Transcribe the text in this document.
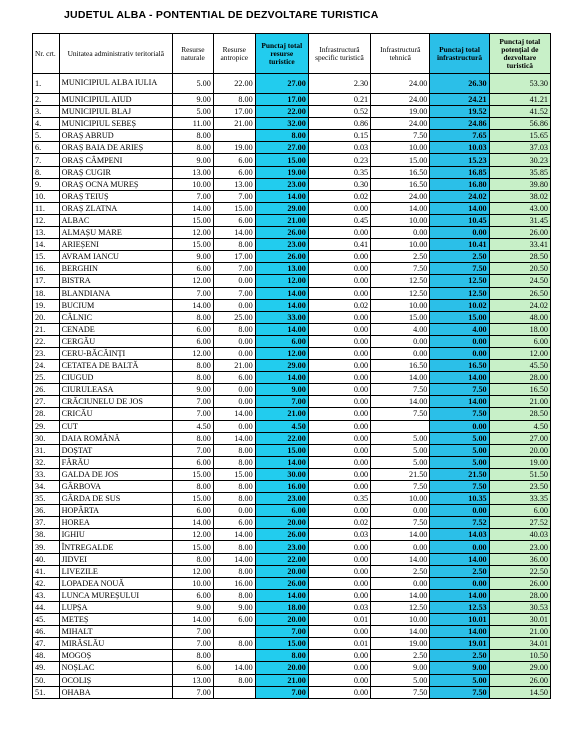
JUDETUL ALBA - PONTENTIAL DE DEZVOLTARE TURISTICA
Nr. crt.	Unitatea administrativ teritorială	Resurse naturale	Resurse antropice	Punctaj total resurse turistice	Infrastructură specific turistică	Infrastructură tehnică	Punctaj total infrastructură	Punctaj total potențial de dezvoltare turistică
1.	MUNICIPIUL ALBA IULIA	5.00	22.00	27.00	2.30	24.00	26.30	53.30
2.	MUNICIPIUL AIUD	9.00	8.00	17.00	0.21	24.00	24.21	41.21
3.	MUNICIPIUL BLAJ	5.00	17.00	22.00	0.52	19.00	19.52	41.52
4.	MUNICIPIUL SEBEȘ	11.00	21.00	32.00	0.86	24.00	24.86	56.86
5.	ORAȘ ABRUD	8.00		8.00	0.15	7.50	7.65	15.65
6.	ORAȘ BAIA DE ARIEȘ	8.00	19.00	27.00	0.03	10.00	10.03	37.03
7.	ORAȘ CÂMPENI	9.00	6.00	15.00	0.23	15.00	15.23	30.23
8.	ORAȘ CUGIR	13.00	6.00	19.00	0.35	16.50	16.85	35.85
9.	ORAȘ OCNA MUREȘ	10.00	13.00	23.00	0.30	16.50	16.80	39.80
10.	ORAȘ TEIUȘ	7.00	7.00	14.00	0.02	24.00	24.02	38.02
11.	ORAȘ ZLATNA	14.00	15.00	29.00	0.00	14.00	14.00	43.00
12.	ALBAC	15.00	6.00	21.00	0.45	10.00	10.45	31.45
13.	ALMAȘU MARE	12.00	14.00	26.00	0.00	0.00	0.00	26.00
14.	ARIEȘENI	15.00	8.00	23.00	0.41	10.00	10.41	33.41
15.	AVRAM IANCU	9.00	17.00	26.00	0.00	2.50	2.50	28.50
16.	BERGHIN	6.00	7.00	13.00	0.00	7.50	7.50	20.50
17.	BISTRA	12.00	0.00	12.00	0.00	12.50	12.50	24.50
18.	BLANDIANA	7.00	7.00	14.00	0.00	12.50	12.50	26.50
19.	BUCIUM	14.00	0.00	14.00	0.02	10.00	10.02	24.02
20.	CÂLNIC	8.00	25.00	33.00	0.00	15.00	15.00	48.00
21.	CENADE	6.00	8.00	14.00	0.00	4.00	4.00	18.00
22.	CERGĂU	6.00	0.00	6.00	0.00	0.00	0.00	6.00
23.	CERU-BĂCĂINȚI	12.00	0.00	12.00	0.00	0.00	0.00	12.00
24.	CETATEA DE BALTĂ	8.00	21.00	29.00	0.00	16.50	16.50	45.50
25.	CIUGUD	8.00	6.00	14.00	0.00	14.00	14.00	28.00
26.	CIURULEASA	9.00	0.00	9.00	0.00	7.50	7.50	16.50
27.	CRĂCIUNELU DE JOS	7.00	0.00	7.00	0.00	14.00	14.00	21.00
28.	CRICĂU	7.00	14.00	21.00	0.00	7.50	7.50	28.50
29.	CUT	4.50	0.00	4.50	0.00		0.00	4.50
30.	DAIA ROMÂNĂ	8.00	14.00	22.00	0.00	5.00	5.00	27.00
31.	DOȘTAT	7.00	8.00	15.00	0.00	5.00	5.00	20.00
32.	FĂRĂU	6.00	8.00	14.00	0.00	5.00	5.00	19.00
33.	GALDA DE JOS	15.00	15.00	30.00	0.00	21.50	21.50	51.50
34.	GÂRBOVA	8.00	8.00	16.00	0.00	7.50	7.50	23.50
35.	GÂRDA DE SUS	15.00	8.00	23.00	0.35	10.00	10.35	33.35
36.	HOPÂRTA	6.00	0.00	6.00	0.00	0.00	0.00	6.00
37.	HOREA	14.00	6.00	20.00	0.02	7.50	7.52	27.52
38.	IGHIU	12.00	14.00	26.00	0.03	14.00	14.03	40.03
39.	ÎNTREGALDE	15.00	8.00	23.00	0.00	0.00	0.00	23.00
40.	JIDVEI	8.00	14.00	22.00	0.00	14.00	14.00	36.00
41.	LIVEZILE	12.00	8.00	20.00	0.00	2.50	2.50	22.50
42.	LOPADEA NOUĂ	10.00	16.00	26.00	0.00	0.00	0.00	26.00
43.	LUNCA MUREȘULUI	6.00	8.00	14.00	0.00	14.00	14.00	28.00
44.	LUPȘA	9.00	9.00	18.00	0.03	12.50	12.53	30.53
45.	METEȘ	14.00	6.00	20.00	0.01	10.00	10.01	30.01
46.	MIHALT	7.00		7.00	0.00	14.00	14.00	21.00
47.	MIRĂSLĂU	7.00	8.00	15.00	0.01	19.00	19.01	34.01
48.	MOGOȘ	8.00		8.00	0.00	2.50	2.50	10.50
49.	NOȘLAC	6.00	14.00	20.00	0.00	9.00	9.00	29.00
50.	OCOLIȘ	13.00	8.00	21.00	0.00	5.00	5.00	26.00
51.	OHABA	7.00		7.00	0.00	7.50	7.50	14.50
